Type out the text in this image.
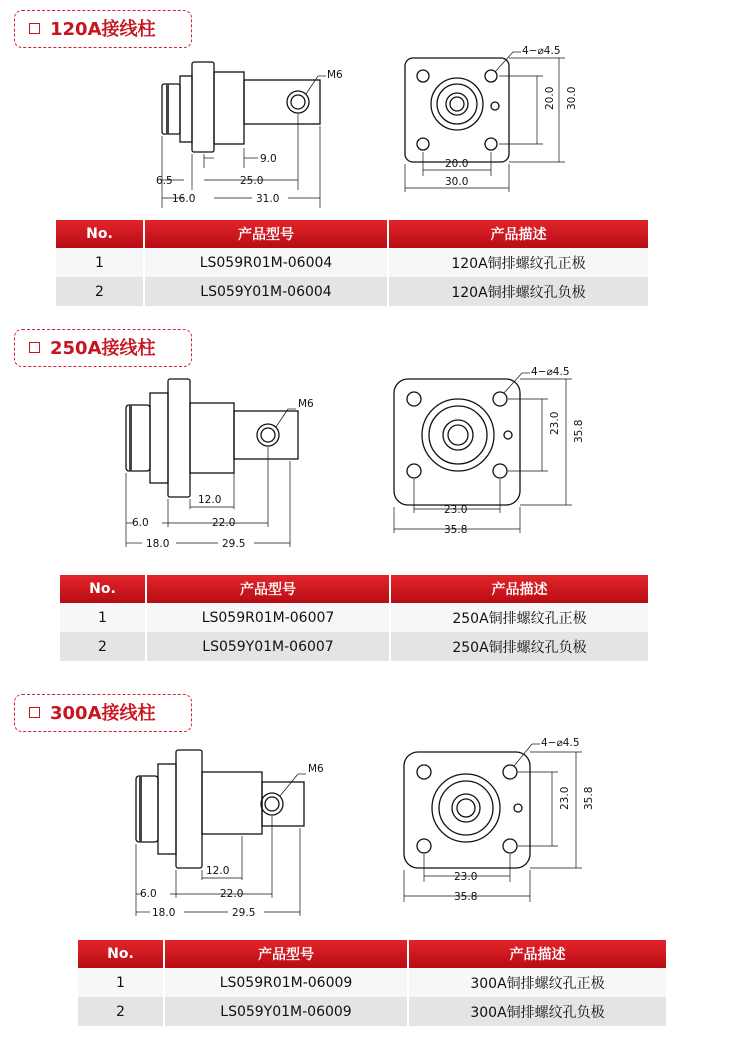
120A接线柱
M6
9.0
6.5	25.0
16.0	31.0
4−⌀4.5
20.0 30.0
20.0
30.0
No.	产品型号	产品描述
1	LS059R01M-06004	120A铜排螺纹孔正极
2	LS059Y01M-06004	120A铜排螺纹孔负极
250A接线柱
M6
12.0
6.0	22.0
18.0	29.5
4−⌀4.5
23.0 35.8
23.0
35.8
No.	产品型号	产品描述
1	LS059R01M-06007	250A铜排螺纹孔正极
2	LS059Y01M-06007	250A铜排螺纹孔负极
300A接线柱
M6
12.0
6.0	22.0
18.0	29.5
4−⌀4.5
23.0 35.8
23.0
35.8
No.	产品型号	产品描述
1	LS059R01M-06009	300A铜排螺纹孔正极
2	LS059Y01M-06009	300A铜排螺纹孔负极
